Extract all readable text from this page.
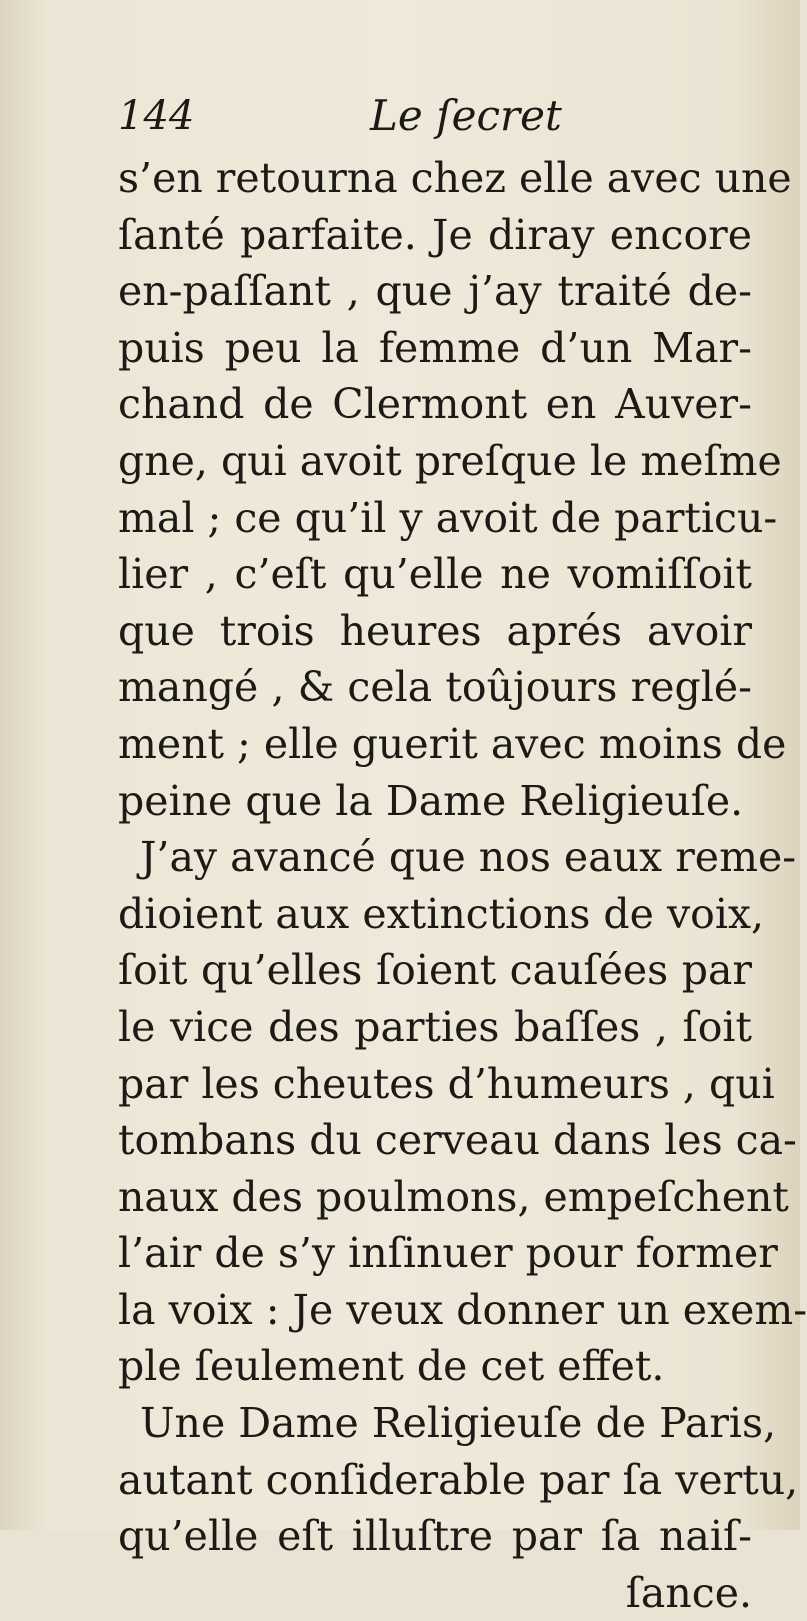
144	Le ſecret
s’en retourna chez elle avec une
ſanté parfaite. Je diray encore
en-paſſant , que j’ay traité de-
puis peu la femme d’un Mar-
chand de Clermont en Auver-
gne, qui avoit preſque le meſme
mal ; ce qu’il y avoit de particu-
lier , c’eſt qu’elle ne vomiſſoit
que trois heures aprés avoir
mangé , & cela toûjours reglé-
ment ; elle guerit avec moins de
peine que la Dame Religieuſe.
J’ay avancé que nos eaux reme-
dioient aux extinctions de voix,
ſoit qu’elles ſoient cauſées par
le vice des parties baſſes , ſoit
par les cheutes d’humeurs , qui
tombans du cerveau dans les ca-
naux des poulmons, empeſchent
l’air de s’y inſinuer pour former
la voix : Je veux donner un exem-
ple ſeulement de cet effet.
Une Dame Religieuſe de Paris,
autant conſiderable par ſa vertu,
qu’elle eſt illuſtre par ſa naiſ-
ſance.
